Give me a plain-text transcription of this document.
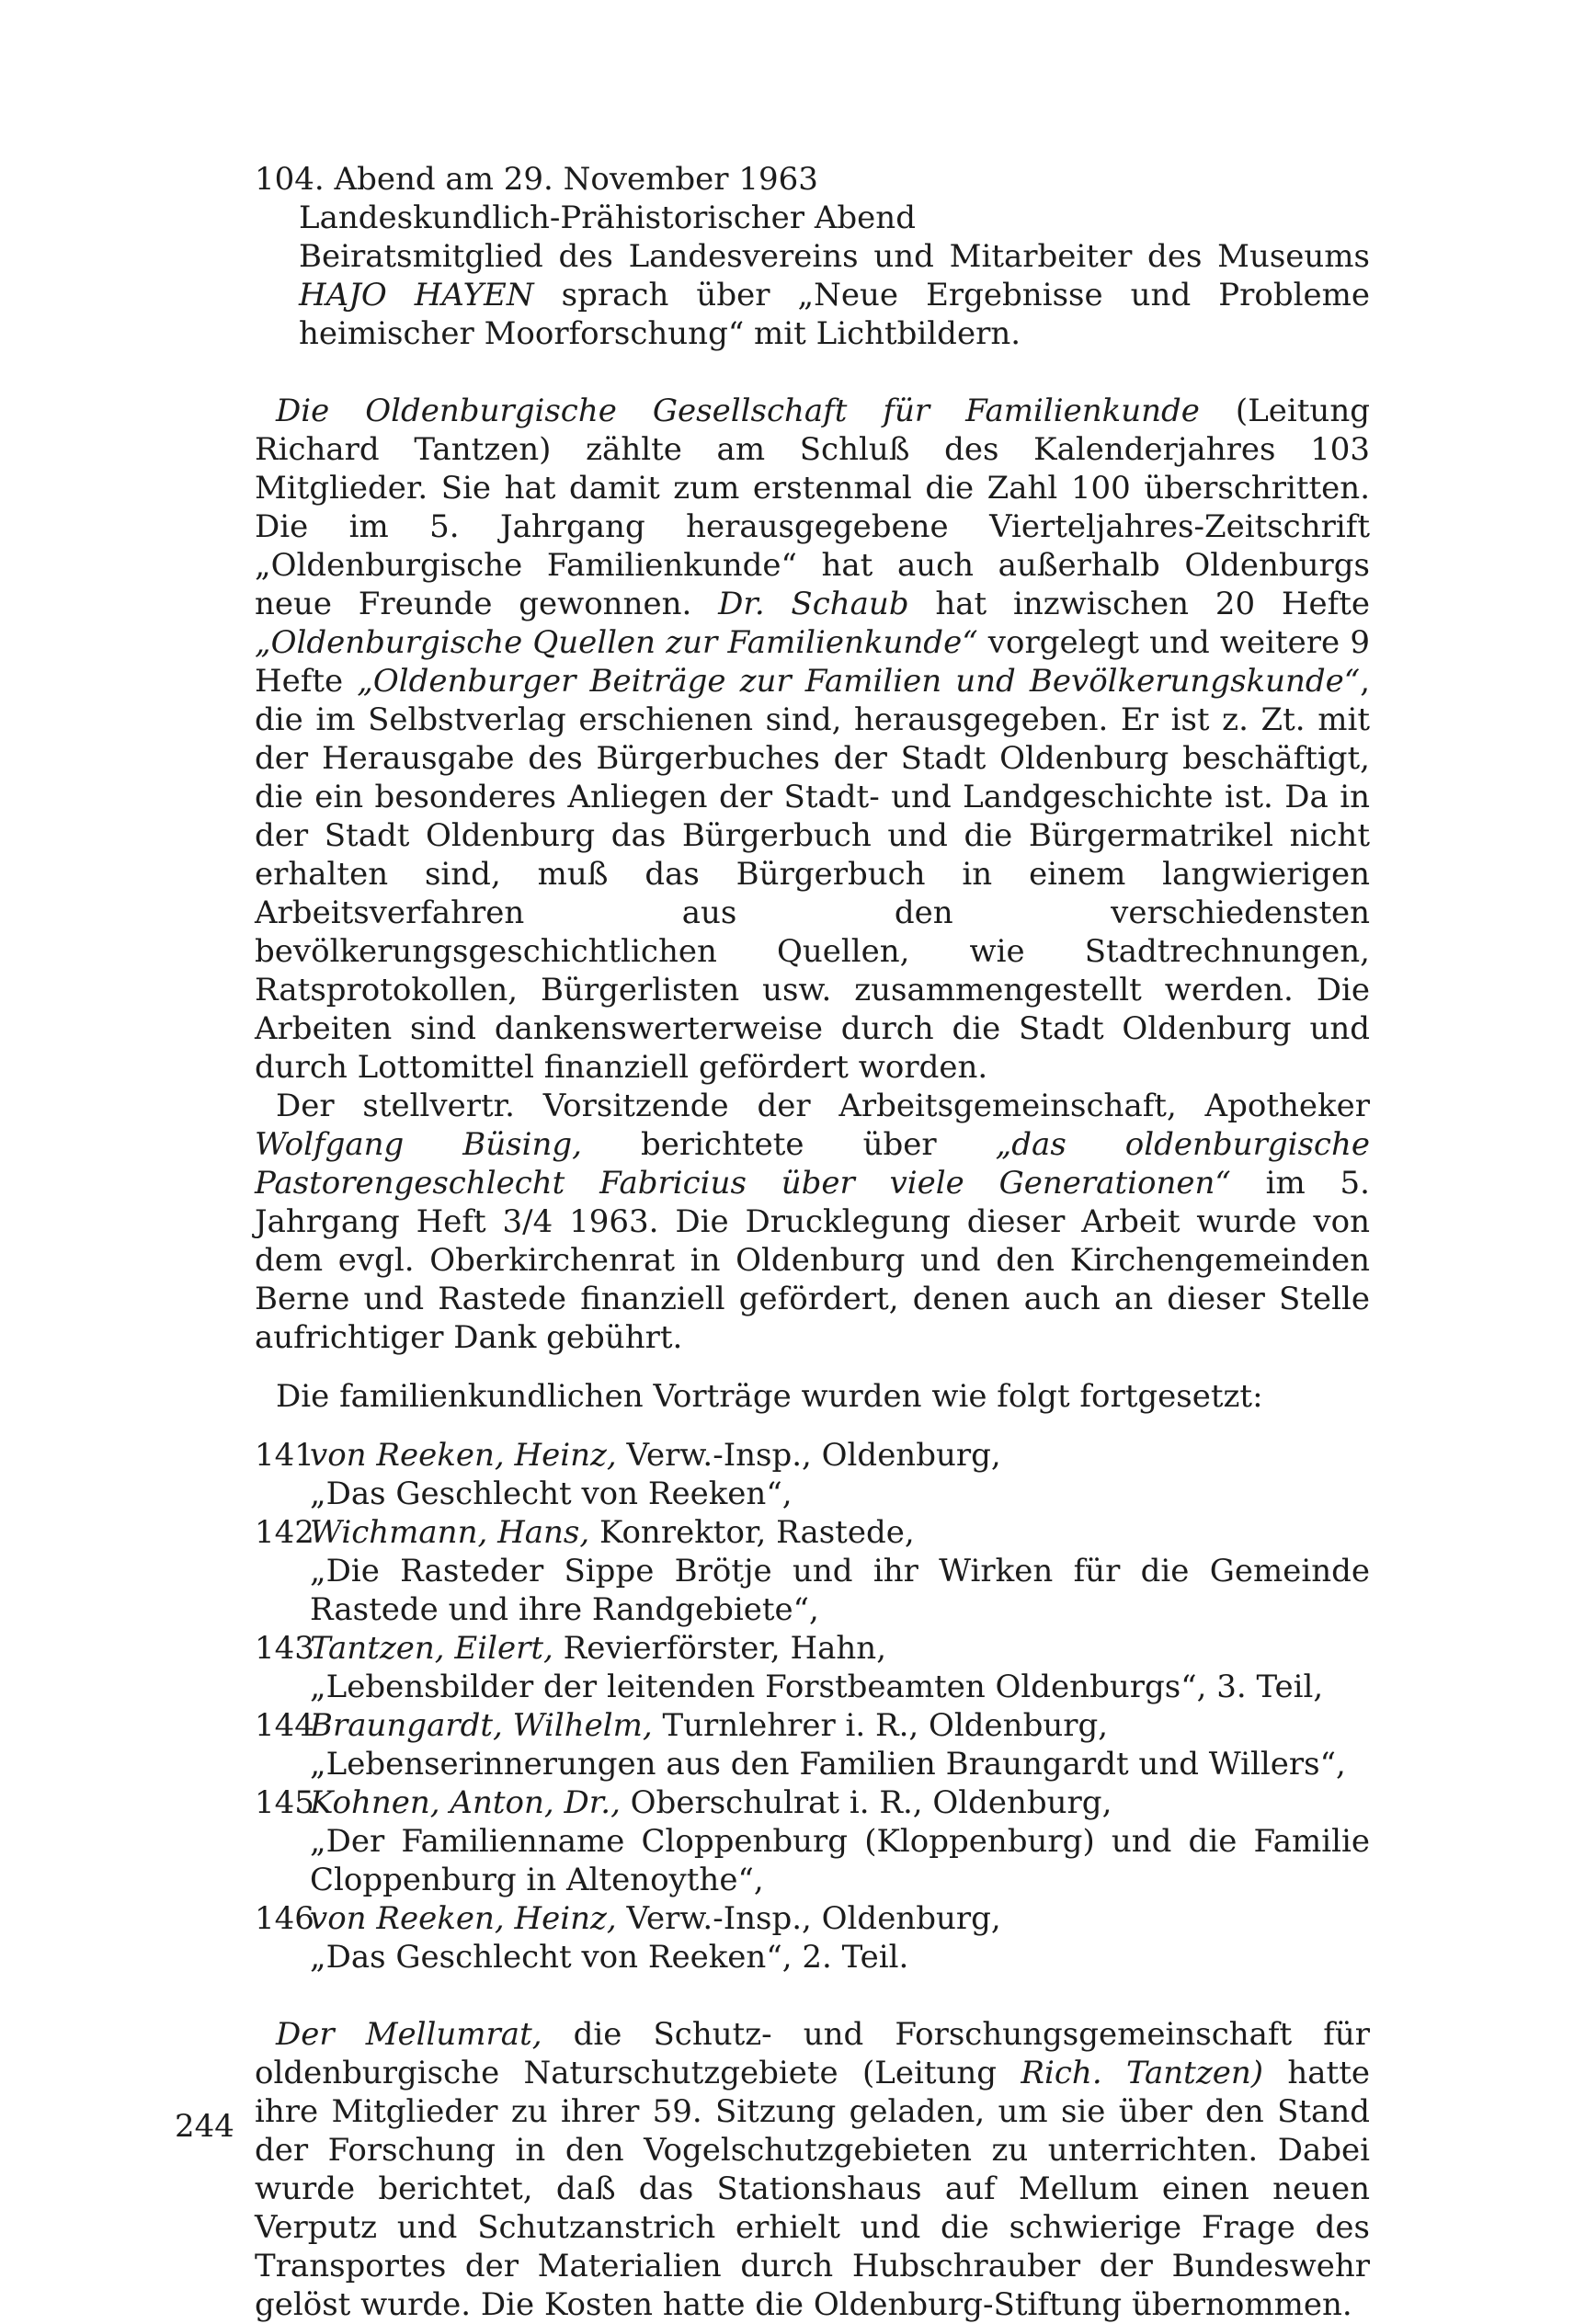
104. Abend am 29. November 1963
Landeskundlich-Prähistorischer Abend
Beiratsmitglied des Landesvereins und Mitarbeiter des Museums HAJO HAYEN sprach über „Neue Ergebnisse und Probleme heimischer Moorforschung“ mit Lichtbildern.
Die Oldenburgische Gesellschaft für Familienkunde (Leitung Richard Tantzen) zählte am Schluß des Kalenderjahres 103 Mitglieder. Sie hat damit zum erstenmal die Zahl 100 überschritten. Die im 5. Jahrgang herausgegebene Vierteljahres-Zeitschrift „Oldenburgische Familienkunde“ hat auch außerhalb Oldenburgs neue Freunde gewonnen. Dr. Schaub hat inzwischen 20 Hefte „Oldenburgische Quellen zur Familienkunde“ vorgelegt und weitere 9 Hefte „Oldenburger Beiträge zur Familien und Bevölkerungskunde“, die im Selbstverlag erschienen sind, herausgegeben. Er ist z. Zt. mit der Herausgabe des Bürgerbuches der Stadt Oldenburg beschäftigt, die ein besonderes Anliegen der Stadt- und Landgeschichte ist. Da in der Stadt Oldenburg das Bürgerbuch und die Bürgermatrikel nicht erhalten sind, muß das Bürgerbuch in einem langwierigen Arbeitsverfahren aus den verschiedensten bevölkerungsgeschichtlichen Quellen, wie Stadtrechnungen, Ratsprotokollen, Bürgerlisten usw. zusammengestellt werden. Die Arbeiten sind dankenswerterweise durch die Stadt Oldenburg und durch Lottomittel finanziell gefördert worden.
Der stellvertr. Vorsitzende der Arbeitsgemeinschaft, Apotheker Wolfgang Büsing, berichtete über „das oldenburgische Pastorengeschlecht Fabricius über viele Generationen“ im 5. Jahrgang Heft 3/4 1963. Die Drucklegung dieser Arbeit wurde von dem evgl. Oberkirchenrat in Oldenburg und den Kirchengemeinden Berne und Rastede finanziell gefördert, denen auch an dieser Stelle aufrichtiger Dank gebührt.
Die familienkundlichen Vorträge wurden wie folgt fortgesetzt:
141
von Reeken, Heinz, Verw.-Insp., Oldenburg,
„Das Geschlecht von Reeken“,
142
Wichmann, Hans, Konrektor, Rastede,
„Die Rasteder Sippe Brötje und ihr Wirken für die Gemeinde Rastede und ihre Randgebiete“,
143
Tantzen, Eilert, Revierförster, Hahn,
„Lebensbilder der leitenden Forstbeamten Oldenburgs“, 3. Teil,
144
Braungardt, Wilhelm, Turnlehrer i. R., Oldenburg,
„Lebenserinnerungen aus den Familien Braungardt und Willers“,
145
Kohnen, Anton, Dr., Oberschulrat i. R., Oldenburg,
„Der Familienname Cloppenburg (Kloppenburg) und die Familie Cloppenburg in Altenoythe“,
146
von Reeken, Heinz, Verw.-Insp., Oldenburg,
„Das Geschlecht von Reeken“, 2. Teil.
Der Mellumrat, die Schutz- und Forschungsgemeinschaft für oldenburgische Naturschutzgebiete (Leitung Rich. Tantzen) hatte ihre Mitglieder zu ihrer 59. Sitzung geladen, um sie über den Stand der Forschung in den Vogelschutzgebieten zu unterrichten. Dabei wurde berichtet, daß das Stationshaus auf Mellum einen neuen Verputz und Schutzanstrich erhielt und die schwierige Frage des Transportes der Materialien durch Hubschrauber der Bundeswehr gelöst wurde. Die Kosten hatte die Oldenburg-Stiftung übernommen.
244
